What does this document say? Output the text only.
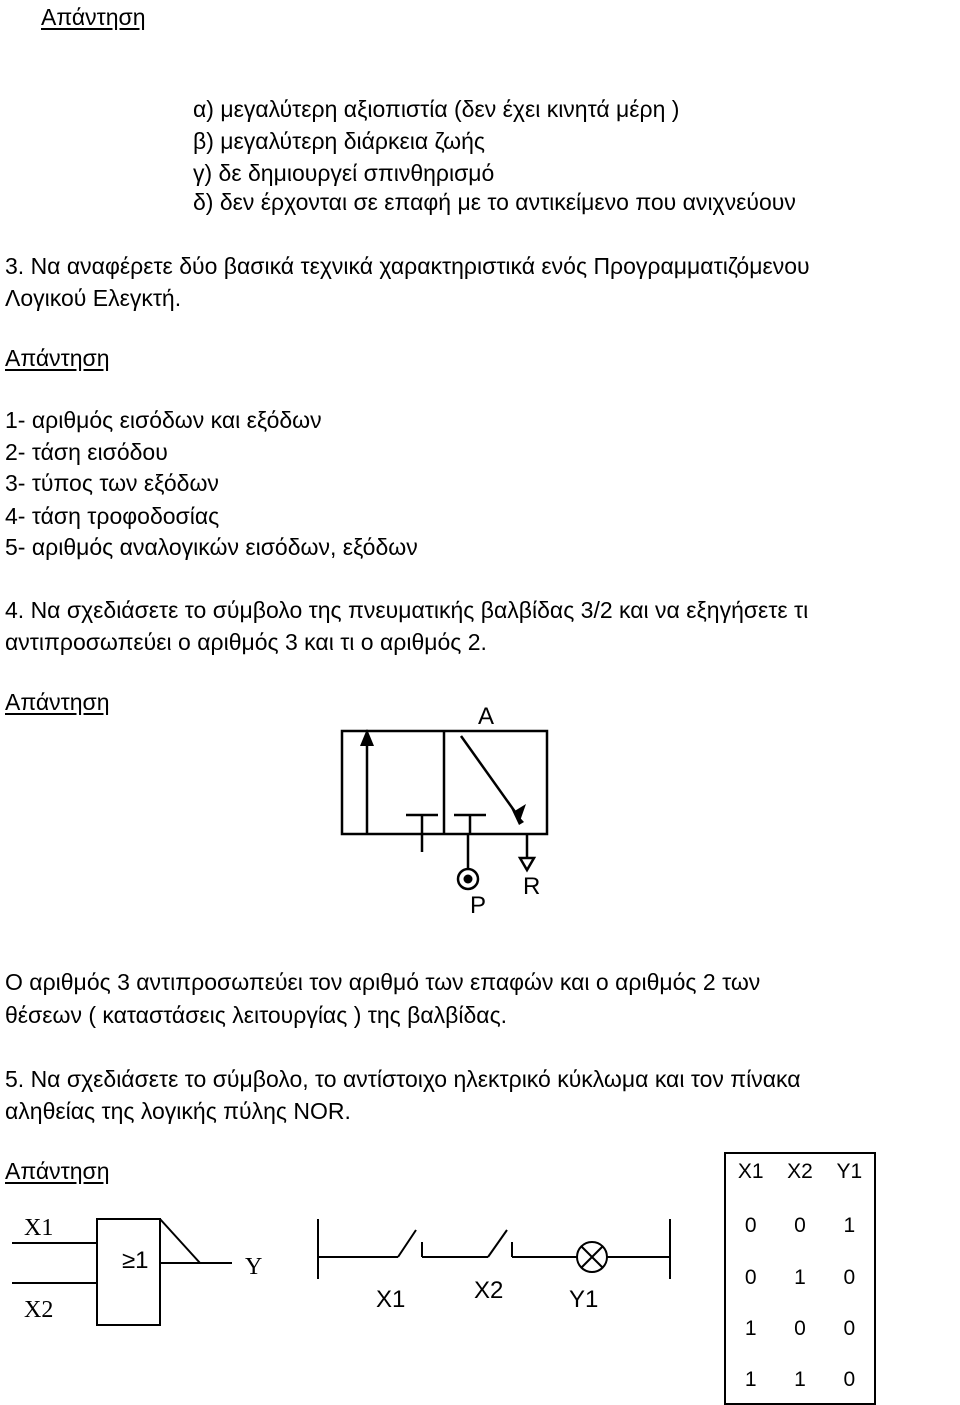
Απάντηση
α) μεγαλύτερη αξιοπιστία (δεν έχει κινητά μέρη )
β) μεγαλύτερη διάρκεια ζωής
γ) δε δημιουργεί σπινθηρισμό
δ) δεν έρχονται σε επαφή με το αντικείμενο που ανιχνεύουν
3. Να αναφέρετε δύο βασικά τεχνικά χαρακτηριστικά ενός Προγραμματιζόμενου
Λογικού Ελεγκτή.
Απάντηση
1- αριθμός εισόδων και εξόδων
2- τάση εισόδου
3- τύπος των εξόδων
4- τάση τροφοδοσίας
5- αριθμός αναλογικών εισόδων, εξόδων
4. Να σχεδιάσετε το σύμβολο της πνευματικής βαλβίδας 3/2 και να εξηγήσετε τι
αντιπροσωπεύει ο αριθμός 3 και τι ο αριθμός 2.
Απάντηση
A
P
R
Ο αριθμός 3 αντιπροσωπεύει τον αριθμό των επαφών και ο αριθμός 2 των
θέσεων ( καταστάσεις λειτουργίας ) της βαλβίδας.
5. Να σχεδιάσετε το σύμβολο, το αντίστοιχο ηλεκτρικό κύκλωμα και τον πίνακα
αληθείας της λογικής πύλης NOR.
Απάντηση
X1
X2
≥1	Y
X1	X2	Y1
X1 X2 Y1
0 0 1
0 1 0
1 0 0
1 1 0
